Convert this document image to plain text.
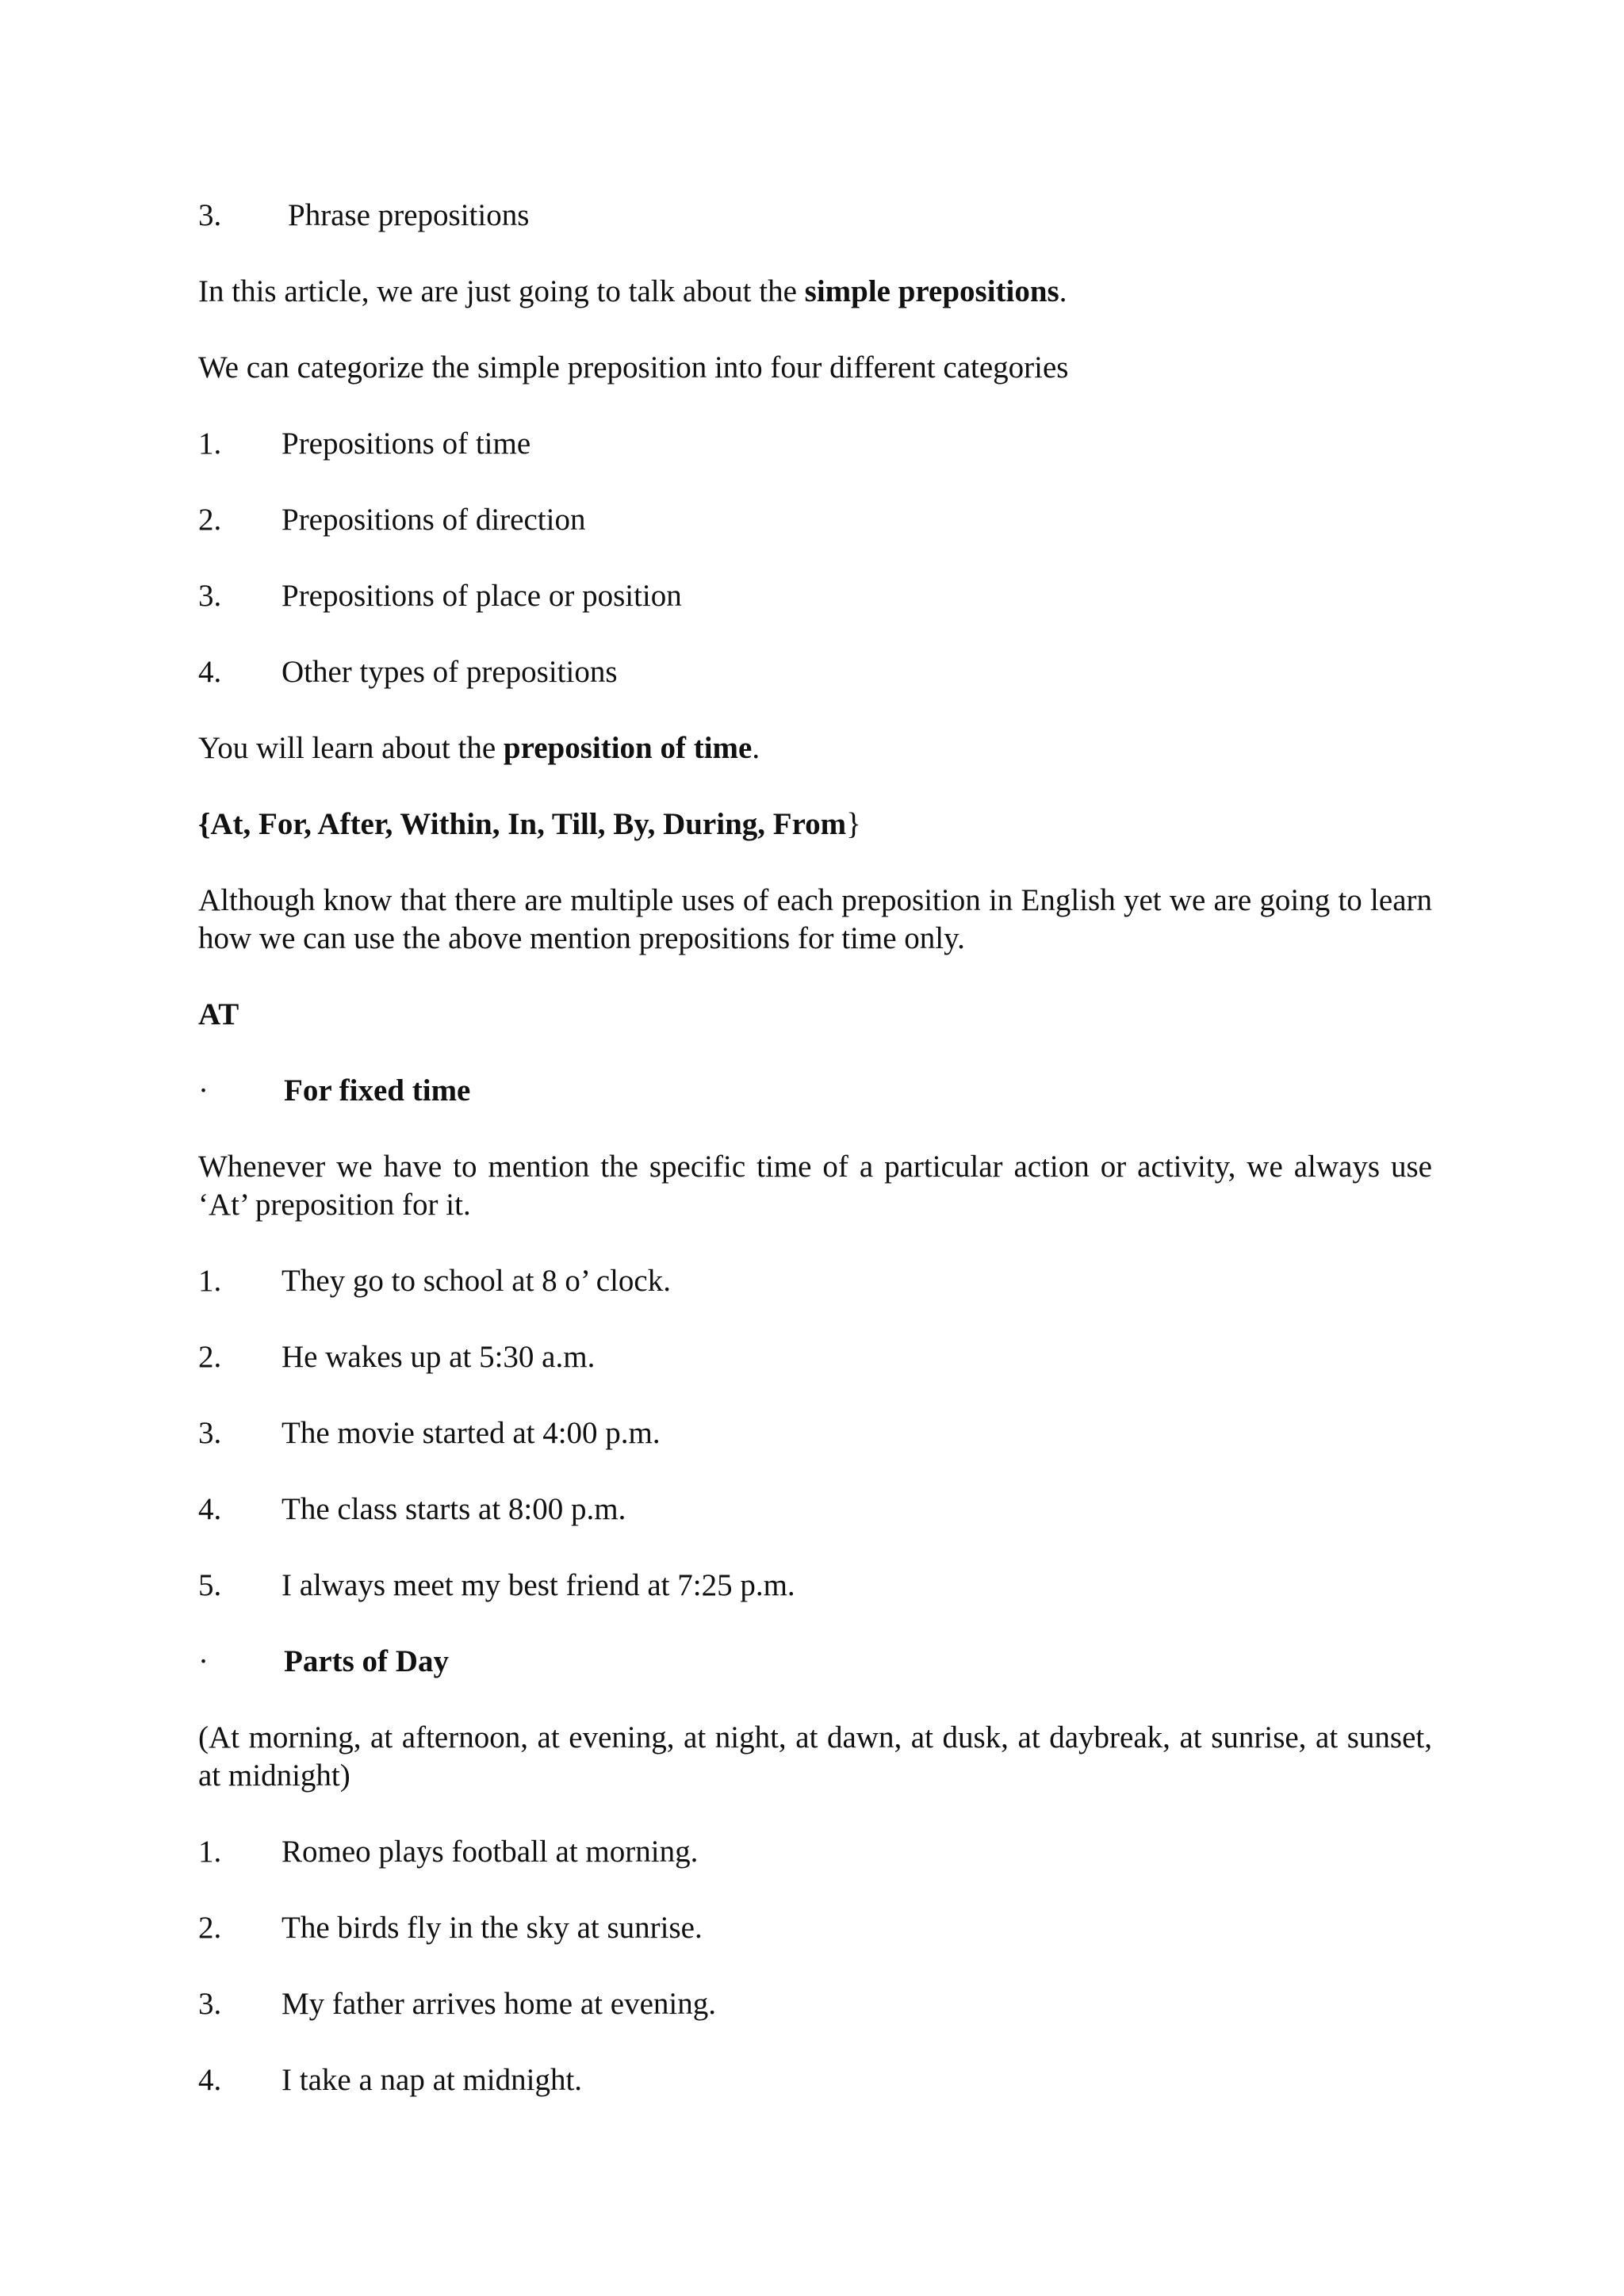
3. Phrase prepositions
In this article, we are just going to talk about the simple prepositions.
We can categorize the simple preposition into four different categories
1. Prepositions of time
2. Prepositions of direction
3. Prepositions of place or position
4. Other types of prepositions
You will learn about the preposition of time.
{At, For, After, Within, In, Till, By, During, From}
Although know that there are multiple uses of each preposition in English yet we are going to learn how we can use the above mention prepositions for time only.
AT
· For fixed time
Whenever we have to mention the specific time of a particular action or activity, we always use ‘At’ preposition for it.
1. They go to school at 8 o’ clock.
2. He wakes up at 5:30 a.m.
3. The movie started at 4:00 p.m.
4. The class starts at 8:00 p.m.
5. I always meet my best friend at 7:25 p.m.
· Parts of Day
(At morning, at afternoon, at evening, at night, at dawn, at dusk, at daybreak, at sunrise, at sunset, at midnight)
1. Romeo plays football at morning.
2. The birds fly in the sky at sunrise.
3. My father arrives home at evening.
4. I take a nap at midnight.
